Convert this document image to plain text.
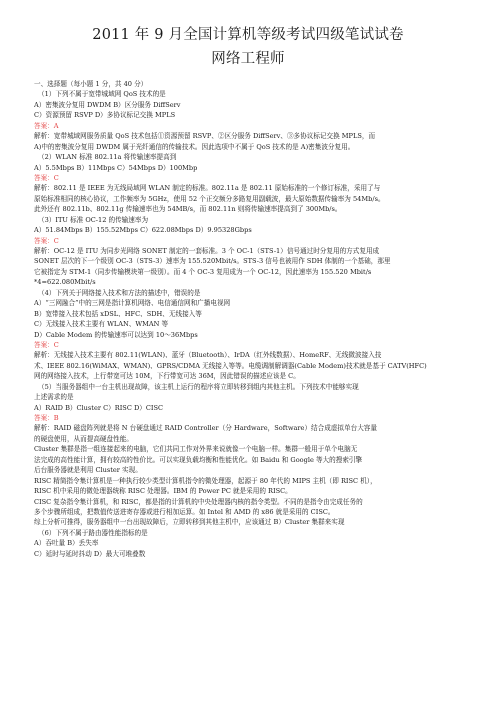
2011 年 9 月全国计算机等级考试四级笔试试卷
网络工程师
一、选择题（每小题 1 分，共 40 分）
（1）下列不属于宽带城域网 QoS 技术的是
A）密集波分复用 DWDM B）区分服务 DiffServ
C）资源预留 RSVP D）多协议标记交换 MPLS
答案：A
解析：宽带城域网服务质量 QoS 技术包括①资源预留 RSVP、②区分服务 DiffServ、③多协议标记交换 MPLS，而
A)中的密集波分复用 DWDM 属于光纤通信的传输技术。因此选项中不属于 QoS 技术的是 A)密集波分复用。
（2）WLAN 标准 802.11a 将传输速率提高到
A）5.5Mbps B）11Mbps C）54Mbps D）100Mbp
答案：C
解析：802.11 是 IEEE 为无线局域网 WLAN 制定的标准。802.11a 是 802.11 原始标准的一个修订标准，采用了与
原始标准相同的核心协议，工作频率为 5GHz，使用 52 个正交频分多路复用副载波，最大原始数据传输率为 54Mb/s。
此外还有 802.11b、802.11g 传输速率也为 54MB/s，而 802.11n 则将传输速率提高到了 300Mb/s。
（3）ITU 标准 OC-12 的传输速率为
A）51.84Mbps B）155.52Mbps C）622.08Mbps D）9.95328Gbps
答案：C
解析：OC-12 是 ITU 为同步光网络 SONET 制定的一套标准。3 个 OC-1（STS-1）信号通过时分复用的方式复用成
SONET 层次的下一个级别 OC-3（STS-3）速率为 155.520Mbit/s。STS-3 信号也被用作 SDH 体制的一个基础，那里
它被指定为 STM-1（同步传输模块第一级别）。而 4 个 OC-3 复用成为一个 OC-12，因此速率为 155.520 Mbit/s
*4=622.080Mbit/s
（4）下列关于网络接入技术和方法的描述中，错误的是
A）“三网融合”中的三网是指计算机网络、电信通信网和广播电视网
B）宽带接入技术包括 xDSL、HFC、SDH、无线接入等
C）无线接入技术主要有 WLAN、WMAN 等
D）Cable Modem 的传输速率可以达到 10～36Mbps
答案：C
解析：无线接入技术主要有 802.11(WLAN)、蓝牙（Bluetooth）、IrDA（红外线数据）、HomeRF、无线微波接入技
术、IEEE 802.16(WiMAX、WMAN)、GPRS/CDMA 无线接入等等。电缆调制解调器(Cable Modem)技术就是基于 CATV(HFC)
网的网络接入技术，上行带宽可达 10M，下行带宽可达 36M，因此错误的描述应该是 C。
（5）当服务器组中一台主机出现故障，该主机上运行的程序将立即转移到组内其他主机。下列技术中能够实现
上述需求的是
A）RAID B）Cluster C）RISC D）CISC
答案：B
解析：RAID 磁盘阵列就是将 N 台硬盘通过 RAID Controller（分 Hardware，Software）结合成虚拟单台大容量
的硬盘使用，从而提高硬盘性能。
Cluster 集群是指一组连接起来的电脑，它们共同工作对外界来说就像一个电脑一样。集群一般用于单个电脑无
法完成的高性能计算，拥有较高的性价比。可以实现负载均衡和性能优化。如 Baidu 和 Google 等大的搜索引擎
后台服务器就是利用 Cluster 实现。
RISC 精简指令集计算机是一种执行较少类型计算机指令的微处理器，起源于 80 年代的 MIPS 主机（即 RISC 机），
RISC 机中采用的微处理器统称 RISC 处理器。IBM 的 Power PC 就是采用的 RISC。
CISC 复杂指令集计算机，和 RISC，都是指的计算机的中央处理器内核的指令类型。不同的是指令由完成任务的
多个步骤所组成，把数值传送进寄存器或进行相加运算。如 Intel 和 AMD 的 x86 就是采用的 CISC。
综上分析可推得，服务器组中一台出现故障后，立即转移到其他主机中，应该通过 B）Cluster 集群来实现
（6）下列不属于路由器性能指标的是
A）吞吐量 B）丢失率
C）延时与延时抖动 D）最大可堆叠数
